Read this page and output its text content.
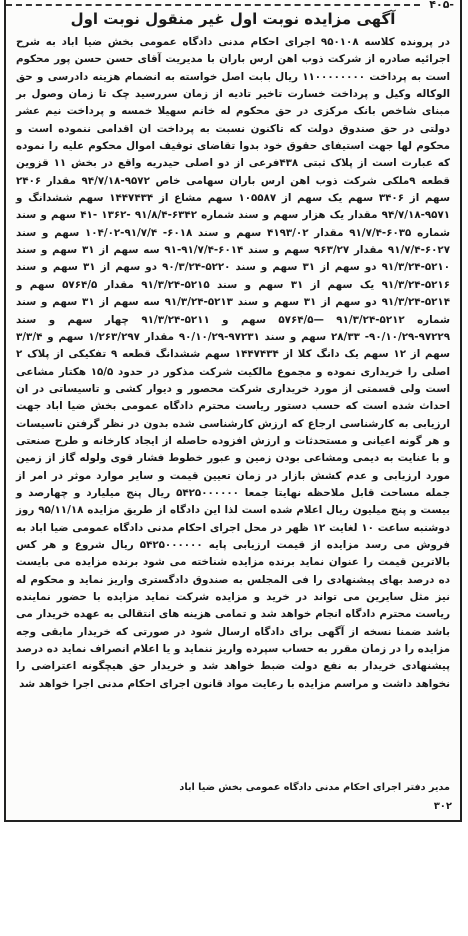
۴۰۵-
آگهی مزایده نوبت اول غیر منقول نوبت اول
در پرونده کلاسه ۹۵۰۱۰۸ اجرای احکام مدنی دادگاه عمومی بخش ضیا اباد به شرح اجرائیه صادره از شرکت ذوب اهن ارس باران با مدیریت آقای حسن حسن پور محکوم است به پرداخت ۱۱۰۰۰۰۰۰۰۰ ریال بابت اصل خواسته به انضمام هزینه دادرسی و حق الوکاله وکیل و پرداخت خسارت تاخیر تادیه از زمان سررسید چک تا زمان وصول بر مبنای شاخص بانک مرکزی در حق محکوم له خانم سهیلا خمسه و پرداخت نیم عشر دولتی در حق صندوق دولت که تاکنون نسبت به پرداخت ان اقدامی ننموده است و محکوم لها جهت استیفای حقوق خود بدوا تقاضای توقیف اموال محکوم علیه را نموده که عبارت است از پلاک ثبتی ۴۳۸فرعی از دو اصلی حیدریه واقع در بخش ۱۱ قزوین قطعه ۹ملکی شرکت ذوب اهن ارس باران سهامی خاص ۹۵۷۲-۹۴/۷/۱۸ مقدار ۲۴۰۶ سهم از ۳۴۰۶ سهم یک سهم از ۱۰۵۵۸۷ سهم مشاع از ۱۴۴۷۴۳۴ سهم ششدانگ و ۹۵۷۱-۹۴/۷/۱۸ مقدار یک هزار سهم و سند شماره ۶۳۴۲-۹۱/۸/۴ -۱۳۶۲ -۴۱ سهم و سند شماره ۶۰۳۵-۹۱/۷/۴ مقدار ۴۱۹۳/۰۲ سهم و سند ۶۰۱۸- ۹۱/۷/۴-۱۰۴/۰۲ سهم و سند ۶۰۲۷-۹۱/۷/۴ مقدار ۹۶۳/۲۷ سهم و سند ۶۰۱۴-۹۱/۷/۴-۹۱ سه سهم از ۳۱ سهم و سند ۵۲۱۰-۹۱/۳/۲۴ دو سهم از ۳۱ سهم و سند ۵۲۲۰-۹۰/۳/۲۴ دو سهم از ۳۱ سهم و سند ۵۲۱۶-۹۱/۳/۲۴ یک سهم از ۳۱ سهم و سند ۵۲۱۵-۹۱/۳/۲۴ مقدار ۵۷۶۴/۵ سهم و ۵۲۱۴-۹۱/۳/۲۴ دو سهم از ۳۱ سهم و سند ۵۲۱۳-۹۱/۳/۲۴ سه سهم از ۳۱ سهم و سند شماره ۵۲۱۲-۹۱/۳/۲۴ —۵۷۶۴/۵ سهم و ۵۲۱۱-۹۱/۳/۲۴ چهار سهم و سند ۹۷۲۲۹-۹۰/۱۰/۲۹- ۲۸/۳۳ سهم و سند ۹۷۲۳۱-۹۰/۱۰/۲۹ مقدار ۱/۲۶۳/۲۹۷ سهم و ۳/۳/۴ سهم از ۱۲ سهم یک دانگ کلا از ۱۴۴۷۴۳۴ سهم ششدانگ قطعه ۹ تفکیکی از پلاک ۲ اصلی را خریداری نموده و مجموع مالکیت شرکت مذکور در حدود ۱۵/۵ هکتار مشاعی است ولی قسمتی از مورد خریداری شرکت محصور و دیوار کشی و تاسیساتی در ان احداث شده است که حسب دستور ریاست محترم دادگاه عمومی بخش ضیا اباد جهت ارزیابی به کارشناسی ارجاع که ارزش کارشناسی شده بدون در نظر گرفتن تاسیسات و هر گونه اعیانی و مستحدثات و ارزش افزوده حاصله از ایجاد کارخانه و طرح صنعتی و با عنایت به دیمی ومشاعی بودن زمین و عبور خطوط فشار قوی ولوله گاز از زمین مورد ارزیابی و عدم کشش بازار در زمان تعیین قیمت و سایر موارد موثر در امر از جمله مساحت قابل ملاحظه نهایتا جمعا ۵۴۲۵۰۰۰۰۰۰ ریال پنج میلیارد و چهارصد و بیست و پنج میلیون ریال اعلام شده است لذا این دادگاه از طریق مزایده ۹۵/۱۱/۱۸ روز دوشنبه ساعت ۱۰ لغایت ۱۲ ظهر در محل اجرای احکام مدنی دادگاه عمومی ضیا اباد به فروش می رسد مزایده از قیمت ارزیابی پایه ۵۴۲۵۰۰۰۰۰۰ ریال شروع و هر کس بالاترین قیمت را عنوان نماید برنده مزایده شناخته می شود برنده مزایده می بایست ده درصد بهای پیشنهادی را فی المجلس به صندوق دادگستری واریز نماید و محکوم له نیز مثل سایرین می تواند در خرید و مزایده شرکت نماید مزایده با حضور نماینده ریاست محترم دادگاه انجام خواهد شد و تمامی هزینه های انتقالی به عهده خریدار می باشد ضمنا نسخه از آگهی برای دادگاه ارسال شود در صورتی که خریدار مابقی وجه مزایده را در زمان مقرر به حساب سپرده واریز ننماید و یا اعلام انصراف نماید ده درصد پیشنهادی خریدار به نفع دولت ضبط خواهد شد و خریدار حق هیچگونه اعتراضی را نخواهد داشت و مراسم مزایده با رعایت مواد قانون اجرای احکام مدنی اجرا خواهد شد
مدیر دفتر اجرای احکام مدنی دادگاه عمومی بخش ضیا اباد
۳۰۲
